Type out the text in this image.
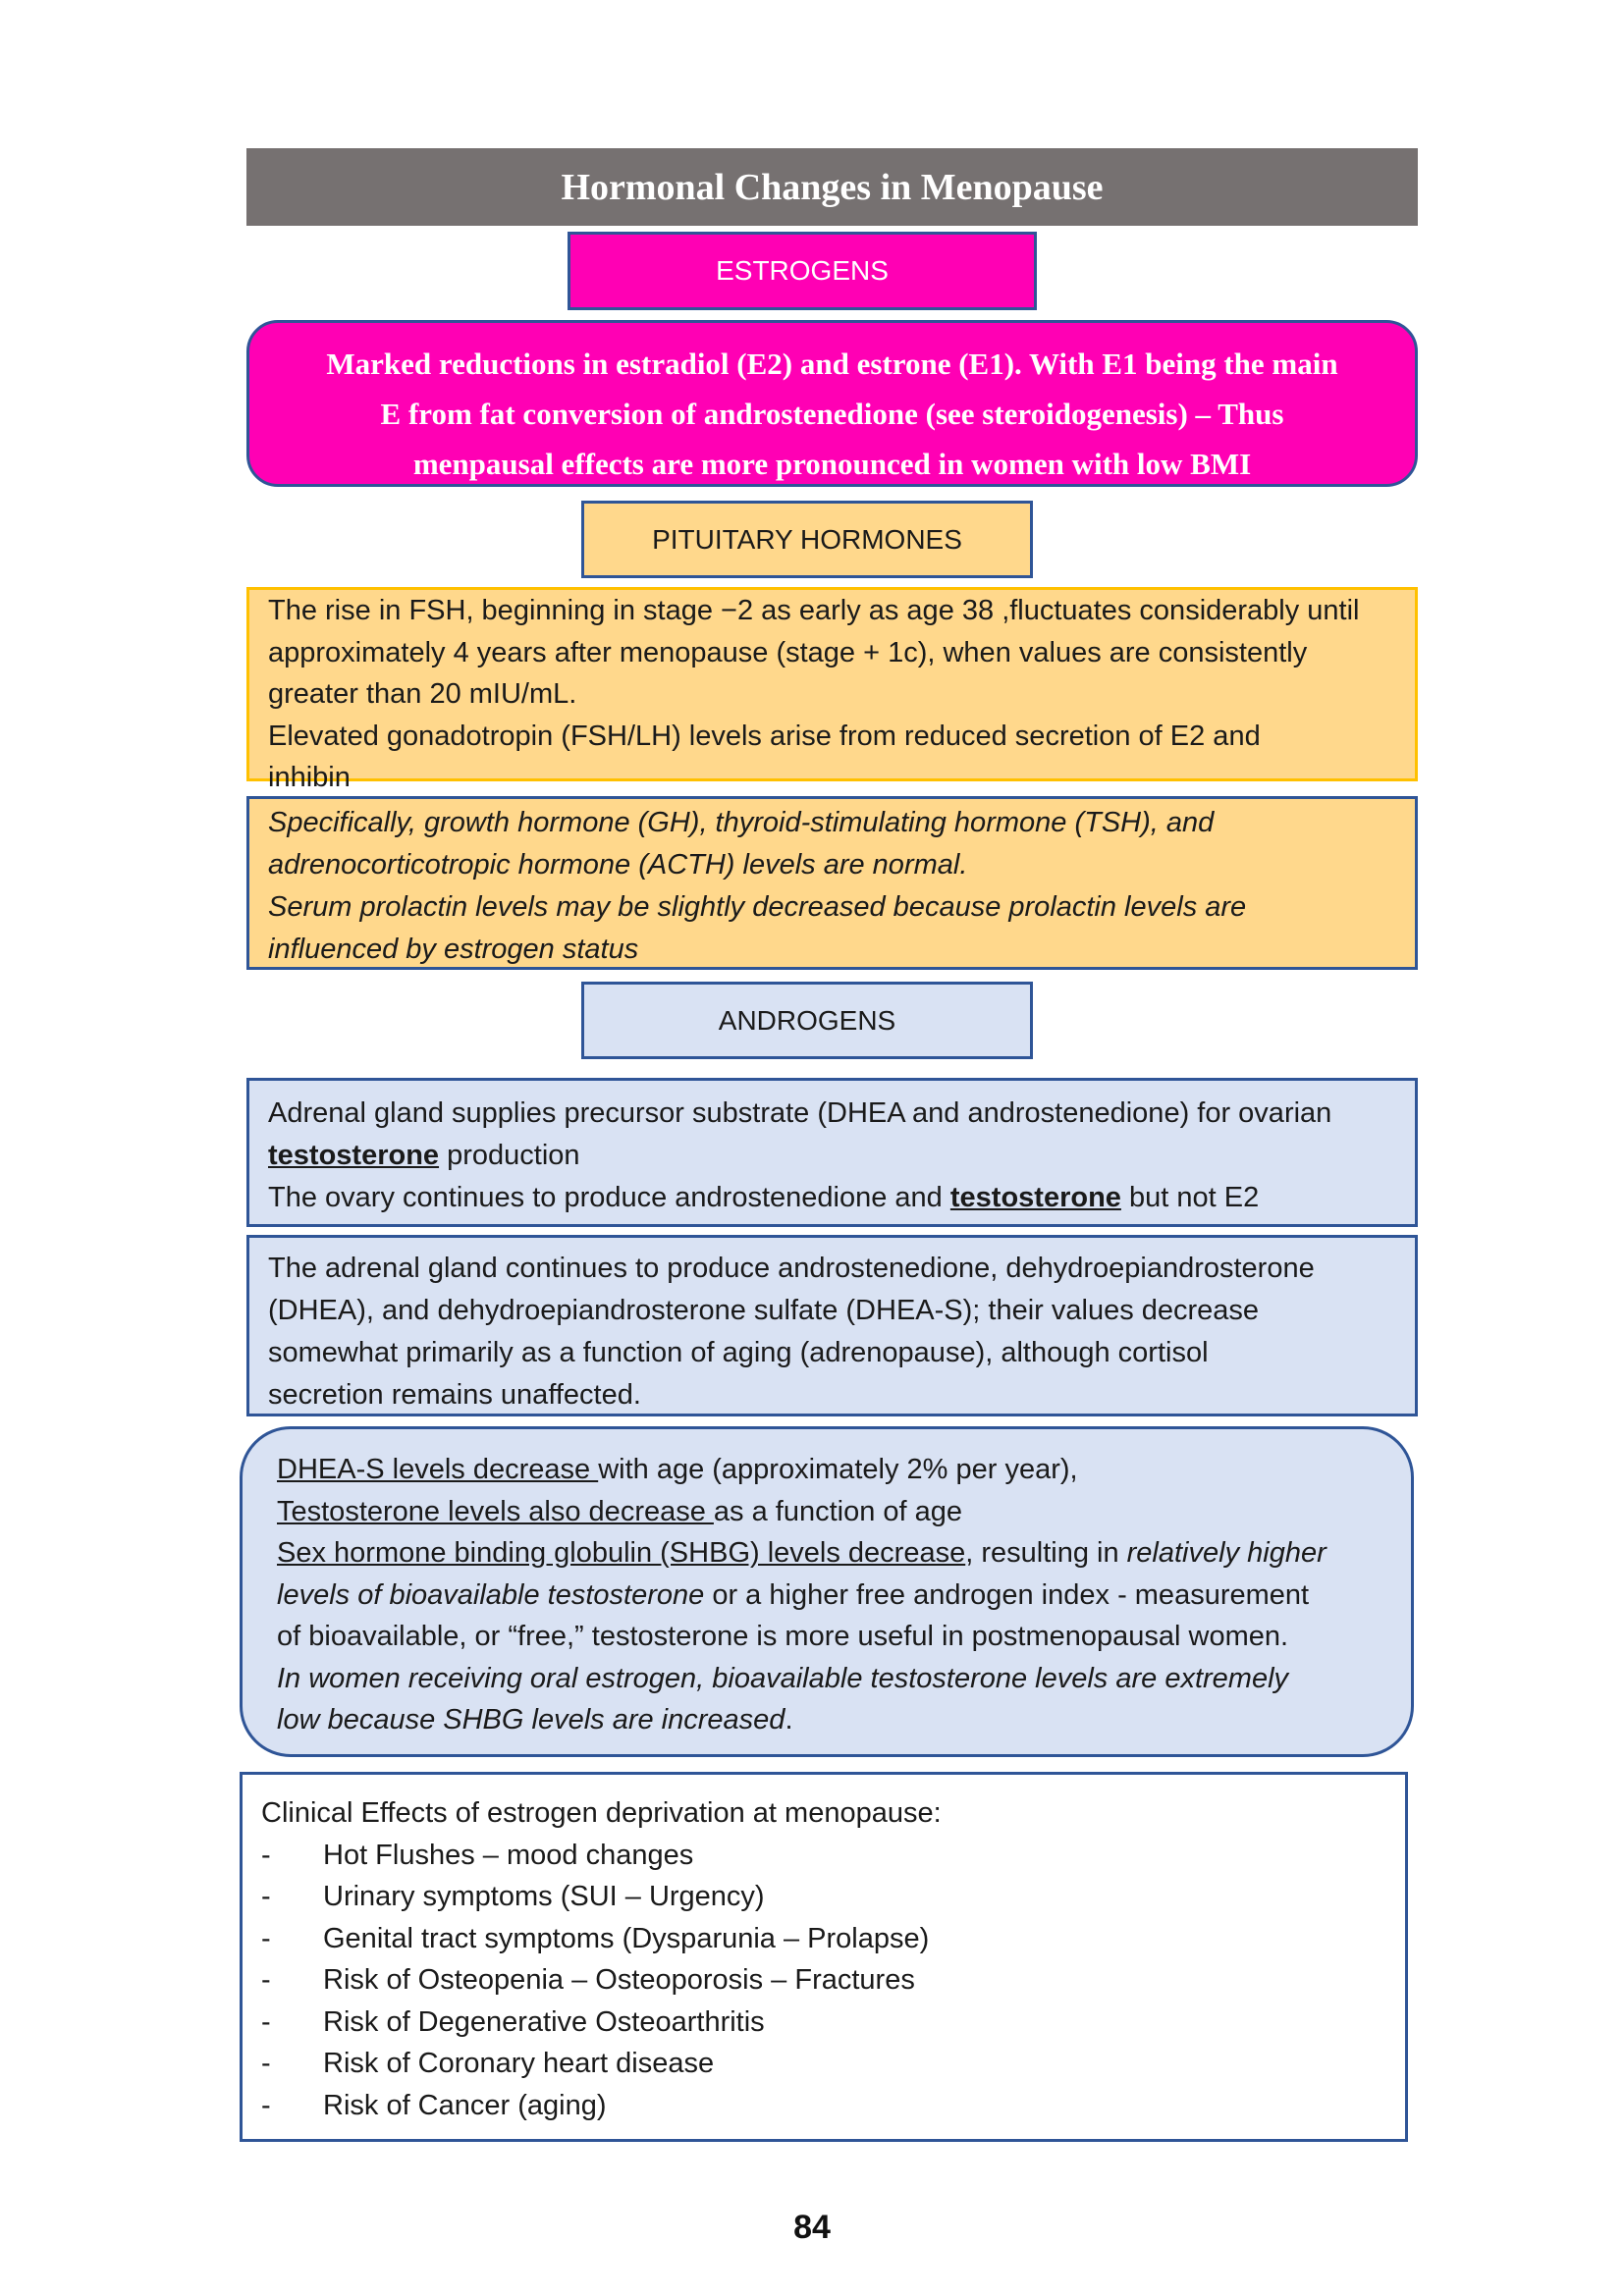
Hormonal Changes in Menopause
ESTROGENS
Marked reductions in estradiol (E2) and estrone (E1). With E1 being the main
E from fat conversion of androstenedione (see steroidogenesis) – Thus
menpausal effects are more pronounced in women with low BMI
PITUITARY HORMONES
The rise in FSH, beginning in stage −2 as early as age 38 ,fluctuates considerably until
approximately 4 years after menopause (stage + 1c), when values are consistently
greater than 20 mIU/mL.
Elevated gonadotropin (FSH/LH) levels arise from reduced secretion of E2 and
inhibin
Specifically, growth hormone (GH), thyroid-stimulating hormone (TSH), and
adrenocorticotropic hormone (ACTH) levels are normal.
Serum prolactin levels may be slightly decreased because prolactin levels are
influenced by estrogen status
ANDROGENS
Adrenal gland supplies precursor substrate (DHEA and androstenedione) for ovarian
testosterone production
The ovary continues to produce androstenedione and testosterone but not E2
The adrenal gland continues to produce androstenedione, dehydroepiandrosterone
(DHEA), and dehydroepiandrosterone sulfate (DHEA-S); their values decrease
somewhat primarily as a function of aging (adrenopause), although cortisol
secretion remains unaffected.
DHEA-S levels decrease with age (approximately 2% per year),
Testosterone levels also decrease as a function of age
Sex hormone binding globulin (SHBG) levels decrease, resulting in relatively higher
levels of bioavailable testosterone or a higher free androgen index - measurement
of bioavailable, or “free,” testosterone is more useful in postmenopausal women.
In women receiving oral estrogen, bioavailable testosterone levels are extremely
low because SHBG levels are increased.
Clinical Effects of estrogen deprivation at menopause:
-	Hot Flushes – mood changes
-	Urinary symptoms (SUI – Urgency)
-	Genital tract symptoms (Dysparunia – Prolapse)
-	Risk of Osteopenia – Osteoporosis – Fractures
-	Risk of Degenerative Osteoarthritis
-	Risk of Coronary heart disease
-	Risk of Cancer (aging)
84
